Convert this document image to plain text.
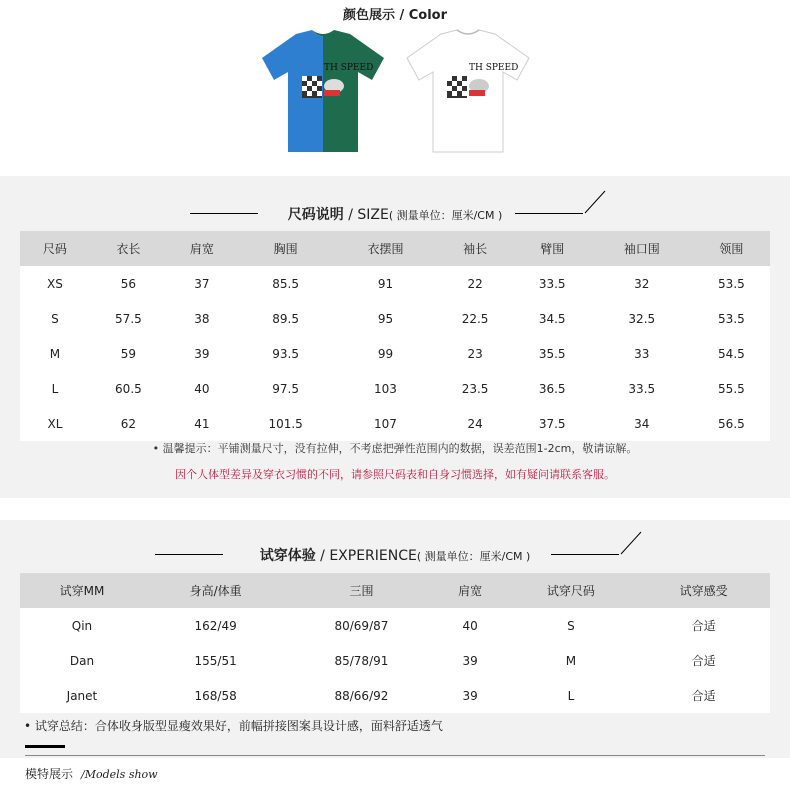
颜色展示 / Color
TH SPEED	TH SPEED
尺码说明 / SIZE( 测量单位：厘米/CM )
尺码	衣长	肩宽	胸围	衣摆围	袖长	臂围	袖口围	领围
XS	56	37	85.5	91	22	33.5	32	53.5
S	57.5	38	89.5	95	22.5	34.5	32.5	53.5
M	59	39	93.5	99	23	35.5	33	54.5
L	60.5	40	97.5	103	23.5	36.5	33.5	55.5
XL	62	41	101.5	107	24	37.5	34	56.5
• 温馨提示：平铺测量尺寸，没有拉伸，不考虑把弹性范围内的数据，误差范围1-2cm，敬请谅解。
因个人体型差异及穿衣习惯的不同，请参照尺码表和自身习惯选择，如有疑问请联系客服。
试穿体验 / EXPERIENCE( 测量单位：厘米/CM )
试穿MM	身高/体重	三围	肩宽	试穿尺码	试穿感受
Qin	162/49	80/69/87	40	S	合适
Dan	155/51	85/78/91	39	M	合适
Janet	168/58	88/66/92	39	L	合适
• 试穿总结：合体收身版型显瘦效果好，前幅拼接图案具设计感，面料舒适透气
模特展示 /Models show
